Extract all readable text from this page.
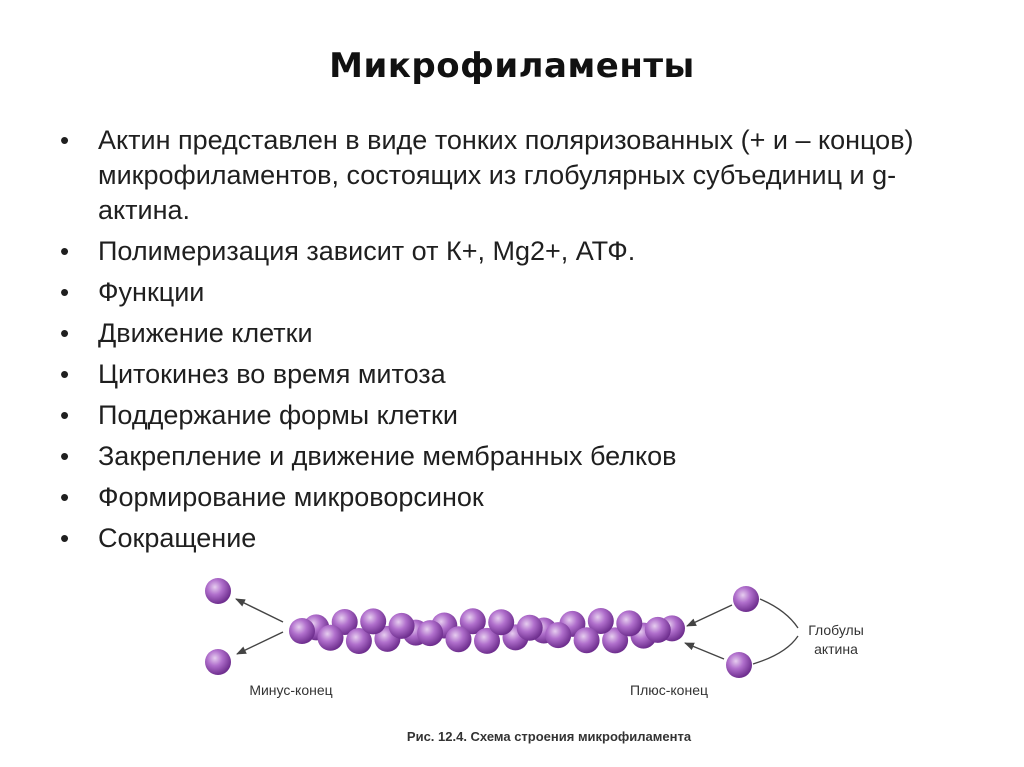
Микрофиламенты
• Актин представлен в виде тонких поляризованных (+ и – концов) микрофиламентов, состоящих из глобулярных субъединиц и g-актина.
• Полимеризация зависит от К+, Mg2+, АТФ.
• Функции
• Движение клетки
• Цитокинез во время митоза
• Поддержание формы клетки
• Закрепление и движение мембранных белков
• Формирование микроворсинок
• Сокращение
Минус-конец	Плюс-конец
Глобулы
актина
Рис. 12.4. Схема строения микрофиламента
